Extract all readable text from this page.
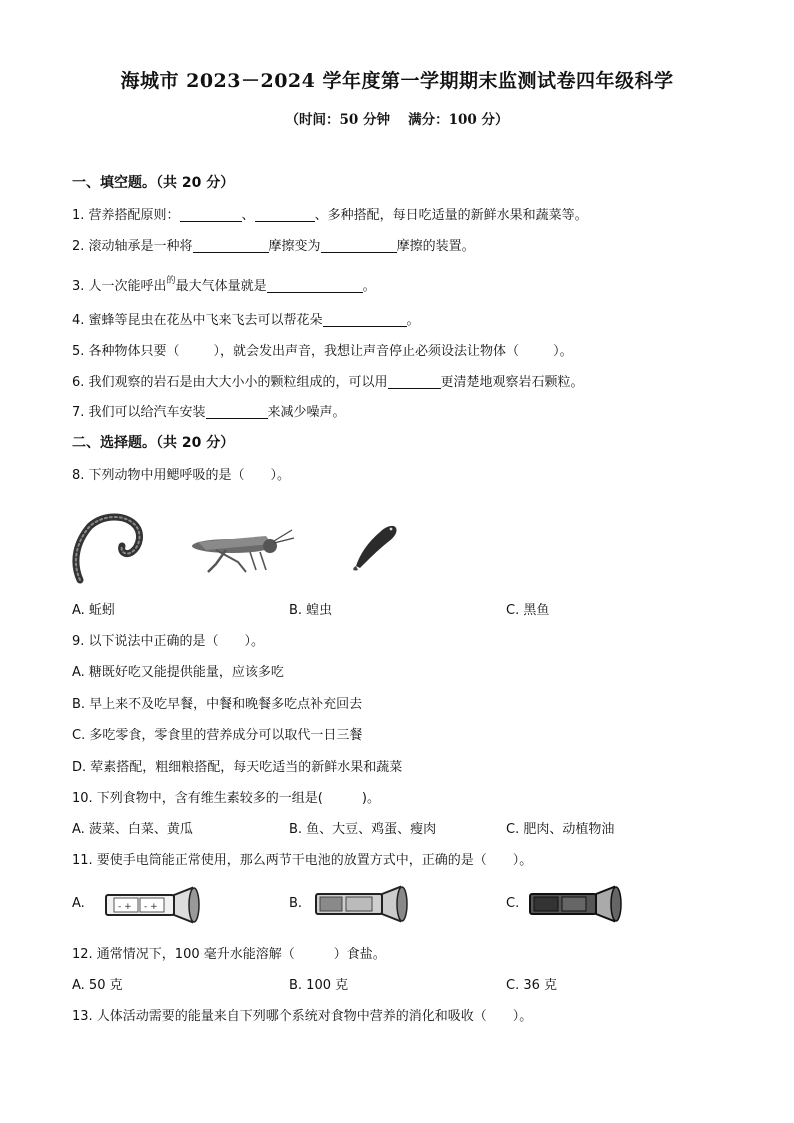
海城市 2023－2024 学年度第一学期期末监测试卷四年级科学
（时间：50 分钟　 满分：100 分）
一、填空题。（共 20 分）
1. 营养搭配原则：	、	、多种搭配，每日吃适量的新鲜水果和蔬菜等。
2. 滚动轴承是一种将	摩擦变为	摩擦的装置。
3. 人一次能呼出$^的$最大气体量就是	。
4. 蜜蜂等昆虫在花丛中飞来飞去可以帮花朵	。
5. 各种物体只要（	），就会发出声音，我想让声音停止必须设法让物体（	）。
6. 我们观察的岩石是由大大小小的颗粒组成的，可以用	更清楚地观察岩石颗粒。
7. 我们可以给汽车安装	来减少噪声。
二、选择题。（共 20 分）
8. 下列动物中用鳃呼吸的是（　　）。
A. 蚯蚓	B. 蝗虫	C. 黑鱼
9. 以下说法中正确的是（　　）。
A. 糖既好吃又能提供能量，应该多吃
B. 早上来不及吃早餐，中餐和晚餐多吃点补充回去
C. 多吃零食，零食里的营养成分可以取代一日三餐
D. 荤素搭配，粗细粮搭配，每天吃适当的新鲜水果和蔬菜
10. 下列食物中，含有维生素较多的一组是(　　　)。
A. 菠菜、白菜、黄瓜	B. 鱼、大豆、鸡蛋、瘦肉	C. 肥肉、动植物油
11. 要使手电筒能正常使用，那么两节干电池的放置方式中，正确的是（　　）。
A.	- + - +	B.	C.
12. 通常情况下，100 毫升水能溶解（　　　）食盐。
A. 50 克	B. 100 克	C. 36 克
13. 人体活动需要的能量来自下列哪个系统对食物中营养的消化和吸收（　　）。
